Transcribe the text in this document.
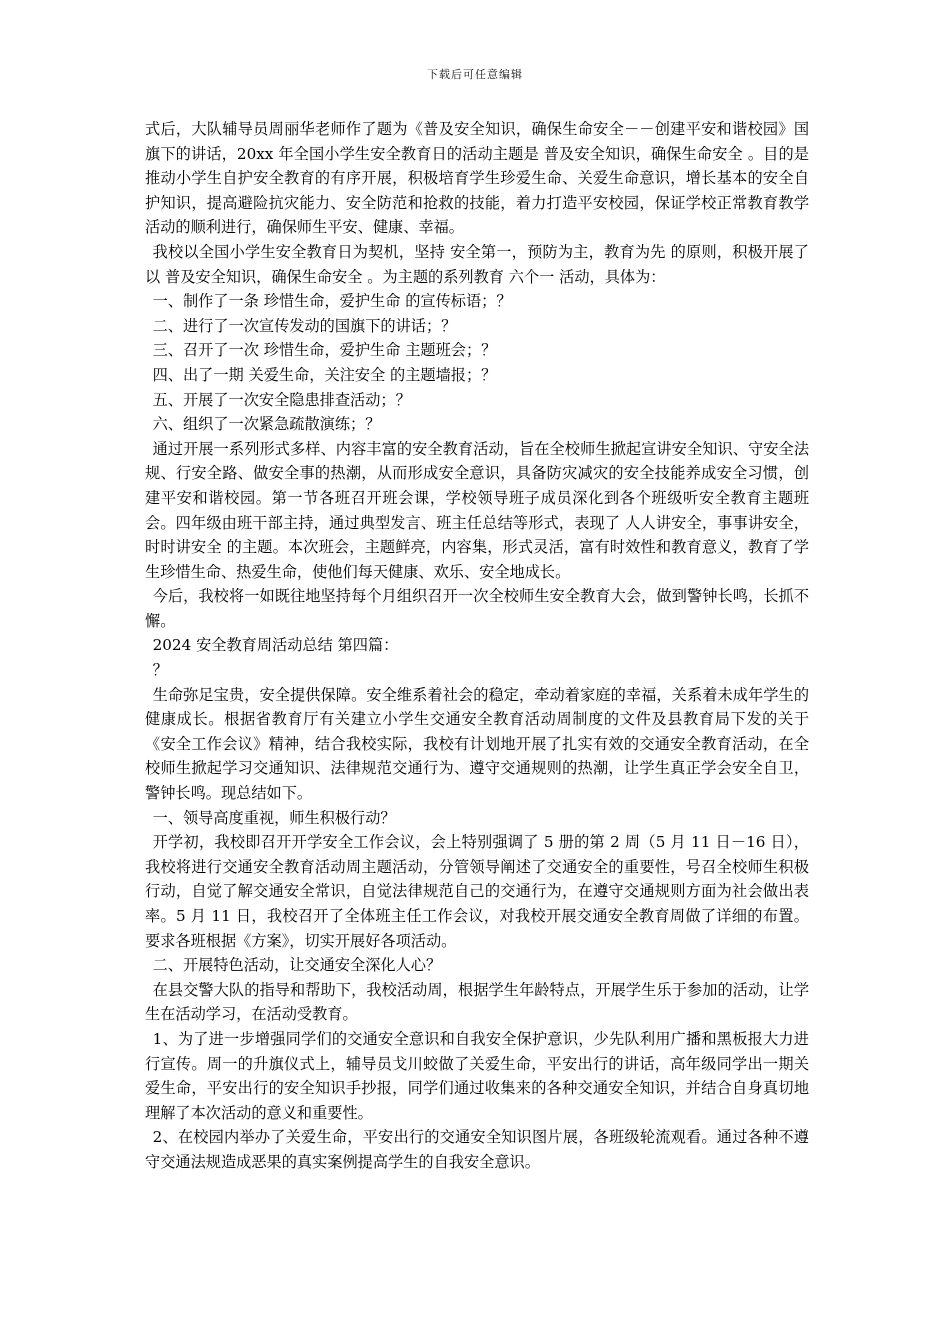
下载后可任意编辑

式后，大队辅导员周丽华老师作了题为《普及安全知识，确保生命安全－－创建平安和谐校园》国旗下的讲话，20xx 年全国小学生安全教育日的活动主题是 普及安全知识，确保生命安全 。目的是推动小学生自护安全教育的有序开展，积极培育学生珍爱生命、关爱生命意识，增长基本的安全自护知识，提高避险抗灾能力、安全防范和抢救的技能，着力打造平安校园，保证学校正常教育教学活动的顺利进行，确保师生平安、健康、幸福。

我校以全国小学生安全教育日为契机，坚持 安全第一，预防为主，教育为先 的原则，积极开展了以 普及安全知识，确保生命安全 。为主题的系列教育 六个一 活动，具体为：

一、制作了一条 珍惜生命，爱护生命 的宣传标语；？

二、进行了一次宣传发动的国旗下的讲话；？

三、召开了一次 珍惜生命，爱护生命 主题班会；？

四、出了一期 关爱生命，关注安全 的主题墙报；？

五、开展了一次安全隐患排查活动；？

六、组织了一次紧急疏散演练；？

通过开展一系列形式多样、内容丰富的安全教育活动，旨在全校师生掀起宣讲安全知识、守安全法规、行安全路、做安全事的热潮，从而形成安全意识，具备防灾减灾的安全技能养成安全习惯，创建平安和谐校园。第一节各班召开班会课，学校领导班子成员深化到各个班级听安全教育主题班会。四年级由班干部主持，通过典型发言、班主任总结等形式，表现了 人人讲安全，事事讲安全，时时讲安全 的主题。本次班会，主题鲜亮，内容集，形式灵活，富有时效性和教育意义，教育了学生珍惜生命、热爱生命，使他们每天健康、欢乐、安全地成长。

今后，我校将一如既往地坚持每个月组织召开一次全校师生安全教育大会，做到警钟长鸣，长抓不懈。

2024 安全教育周活动总结 第四篇：

？

生命弥足宝贵，安全提供保障。安全维系着社会的稳定，牵动着家庭的幸福，关系着未成年学生的健康成长。根据省教育厅有关建立小学生交通安全教育活动周制度的文件及县教育局下发的关于《安全工作会议》精神，结合我校实际，我校有计划地开展了扎实有效的交通安全教育活动，在全校师生掀起学习交通知识、法律规范交通行为、遵守交通规则的热潮，让学生真正学会安全自卫，警钟长鸣。现总结如下。

一、领导高度重视，师生积极行动？

开学初，我校即召开开学安全工作会议，会上特别强调了 5 册的第 2 周（5 月 11 日－16 日），我校将进行交通安全教育活动周主题活动，分管领导阐述了交通安全的重要性，号召全校师生积极行动，自觉了解交通安全常识，自觉法律规范自己的交通行为，在遵守交通规则方面为社会做出表率。5 月 11 日，我校召开了全体班主任工作会议，对我校开展交通安全教育周做了详细的布置。要求各班根据《方案》，切实开展好各项活动。

二、开展特色活动，让交通安全深化人心？

在县交警大队的指导和帮助下，我校活动周，根据学生年龄特点，开展学生乐于参加的活动，让学生在活动学习，在活动受教育。

1、为了进一步增强同学们的交通安全意识和自我安全保护意识，少先队利用广播和黑板报大力进行宣传。周一的升旗仪式上，辅导员戈川蛟做了关爱生命，平安出行的讲话，高年级同学出一期关爱生命，平安出行的安全知识手抄报，同学们通过收集来的各种交通安全知识，并结合自身真切地理解了本次活动的意义和重要性。

2、在校园内举办了关爱生命，平安出行的交通安全知识图片展，各班级轮流观看。通过各种不遵守交通法规造成恶果的真实案例提高学生的自我安全意识。
